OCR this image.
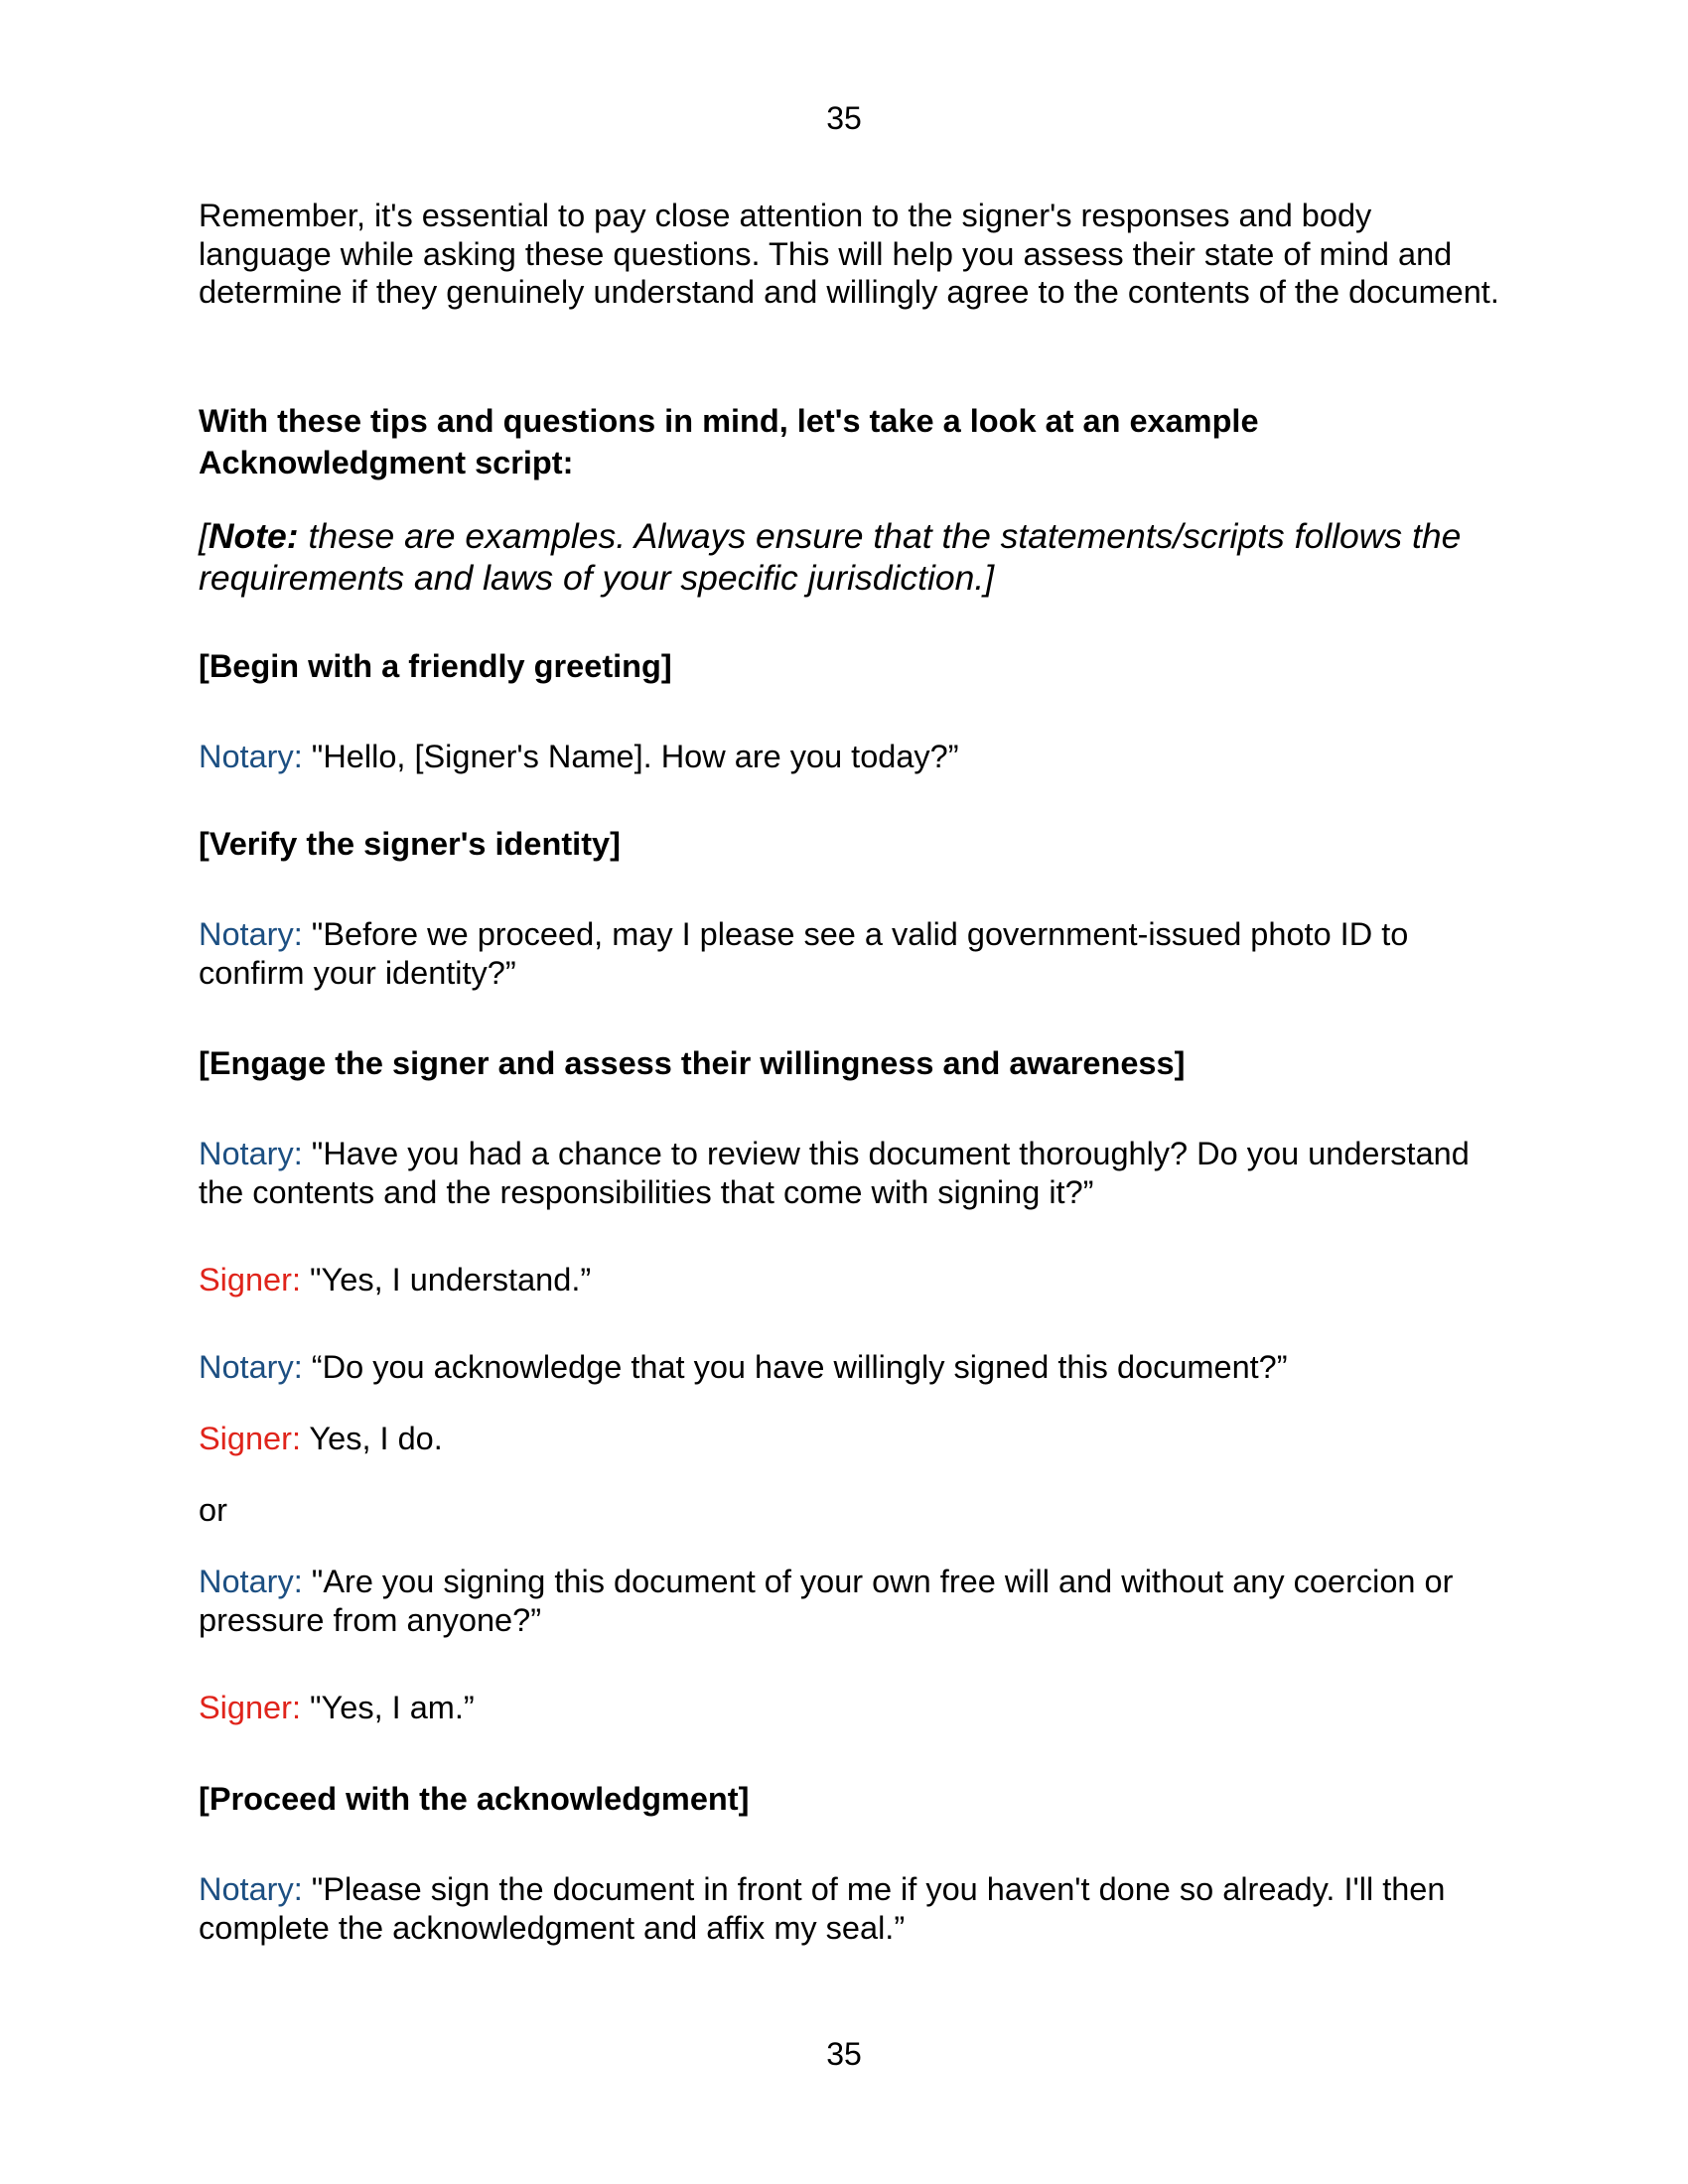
35

Remember, it's essential to pay close attention to the signer's responses and body language while asking these questions. This will help you assess their state of mind and determine if they genuinely understand and willingly agree to the contents of the document.

With these tips and questions in mind, let's take a look at an example Acknowledgment script:

[Note: these are examples. Always ensure that the statements/scripts follows the requirements and laws of your specific jurisdiction.]

[Begin with a friendly greeting]

Notary: "Hello, [Signer's Name]. How are you today?”

[Verify the signer's identity]

Notary: "Before we proceed, may I please see a valid government-issued photo ID to confirm your identity?”

[Engage the signer and assess their willingness and awareness]

Notary: "Have you had a chance to review this document thoroughly? Do you understand the contents and the responsibilities that come with signing it?”

Signer: "Yes, I understand.”

Notary: “Do you acknowledge that you have willingly signed this document?”

Signer: Yes, I do.

or

Notary: "Are you signing this document of your own free will and without any coercion or pressure from anyone?”

Signer: "Yes, I am.”

[Proceed with the acknowledgment]

Notary: "Please sign the document in front of me if you haven't done so already. I'll then complete the acknowledgment and affix my seal.”

35
